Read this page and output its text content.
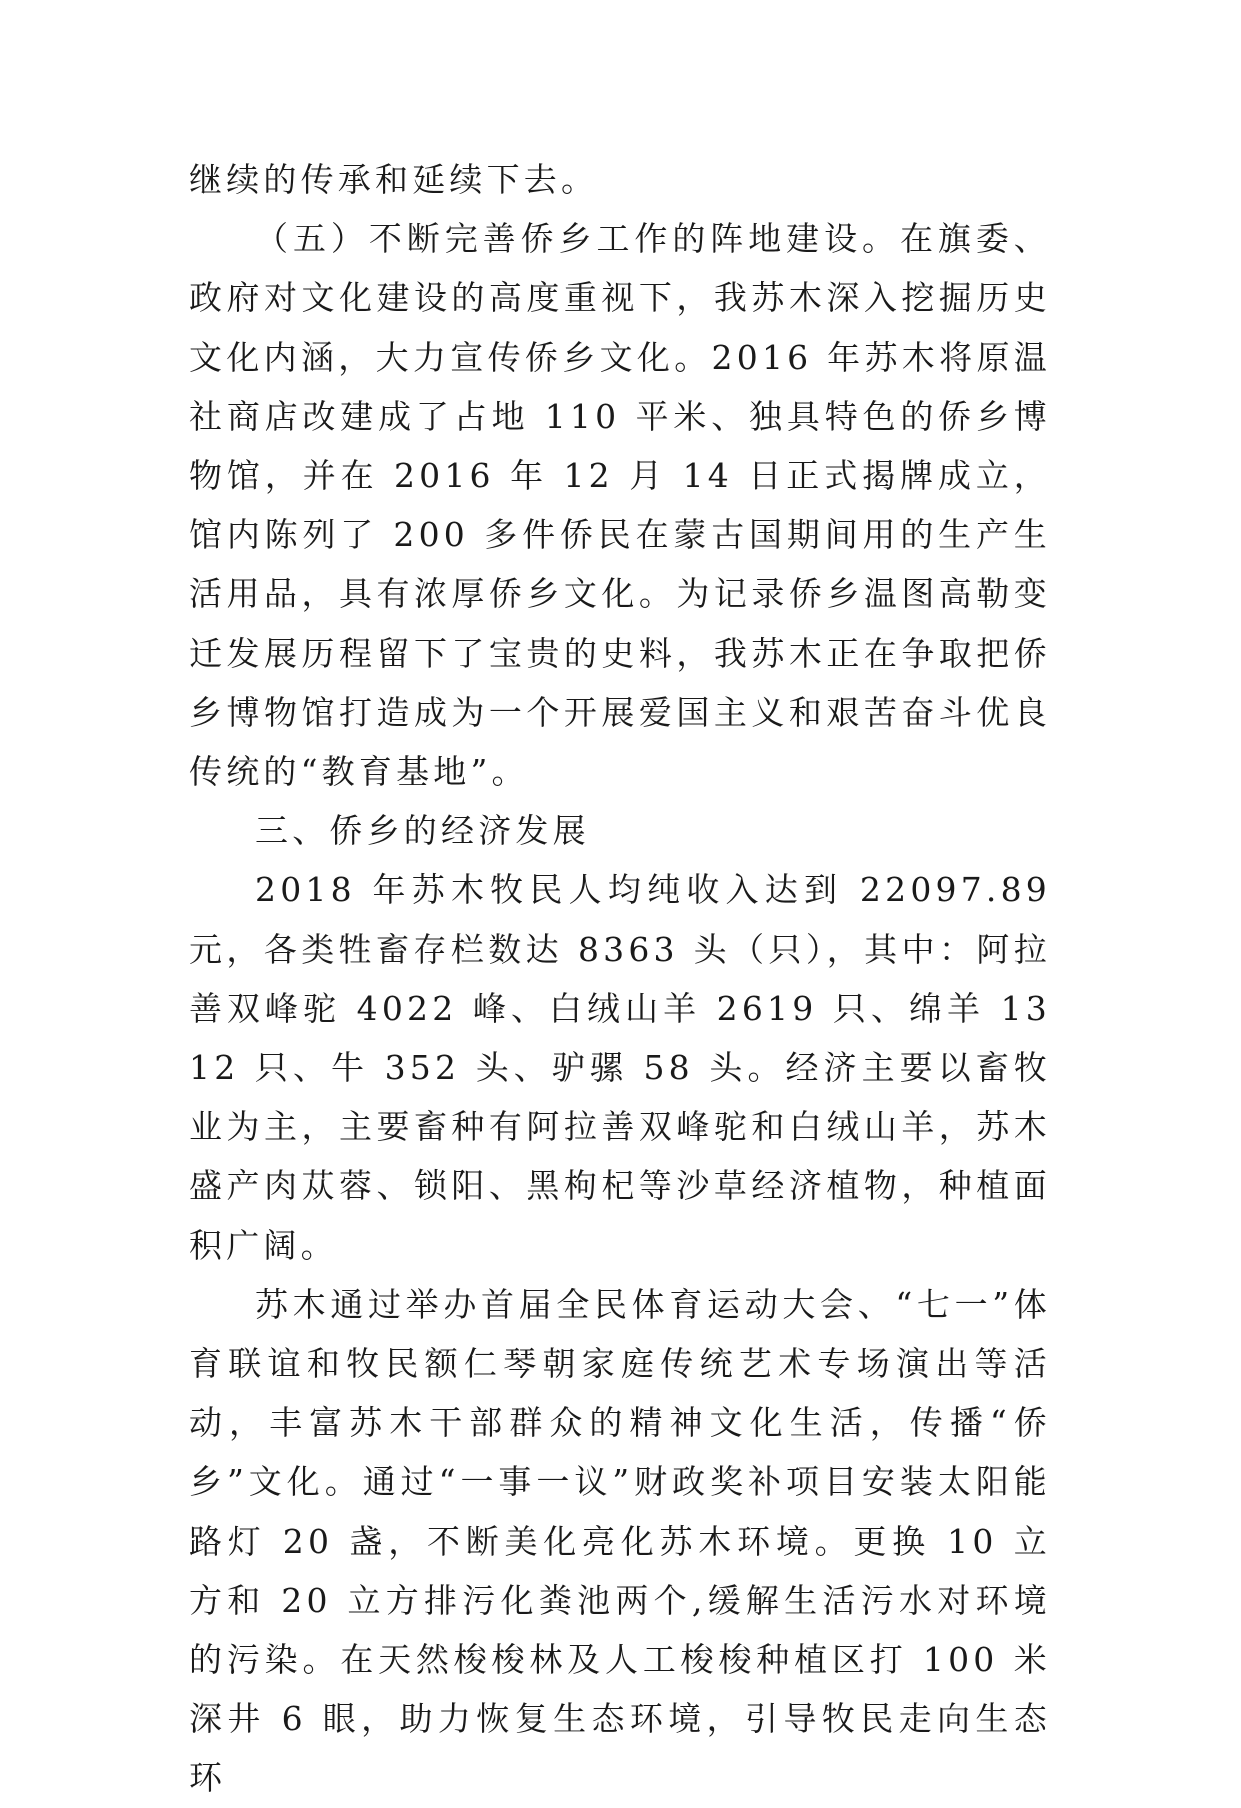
继续的传承和延续下去。

（五）不断完善侨乡工作的阵地建设。在旗委、政府对文化建设的高度重视下，我苏木深入挖掘历史文化内涵，大力宣传侨乡文化。2016 年苏木将原温社商店改建成了占地 110 平米、独具特色的侨乡博物馆，并在 2016 年 12 月 14 日正式揭牌成立，馆内陈列了 200 多件侨民在蒙古国期间用的生产生活用品，具有浓厚侨乡文化。为记录侨乡温图高勒变迁发展历程留下了宝贵的史料，我苏木正在争取把侨乡博物馆打造成为一个开展爱国主义和艰苦奋斗优良传统的“教育基地”。

三、侨乡的经济发展

2018 年苏木牧民人均纯收入达到 22097.89 元，各类牲畜存栏数达 8363 头（只），其中：阿拉善双峰驼 4022 峰、白绒山羊 2619 只、绵羊 1312 只、牛 352 头、驴骡 58 头。经济主要以畜牧业为主，主要畜种有阿拉善双峰驼和白绒山羊，苏木盛产肉苁蓉、锁阳、黑枸杞等沙草经济植物，种植面积广阔。

苏木通过举办首届全民体育运动大会、“七一”体育联谊和牧民额仁琴朝家庭传统艺术专场演出等活动，丰富苏木干部群众的精神文化生活，传播“侨乡”文化。通过“一事一议”财政奖补项目安装太阳能路灯 20 盏，不断美化亮化苏木环境。更换 10 立方和 20 立方排污化粪池两个,缓解生活污水对环境的污染。在天然梭梭林及人工梭梭种植区打 100 米深井 6 眼，助力恢复生态环境，引导牧民走向生态环
